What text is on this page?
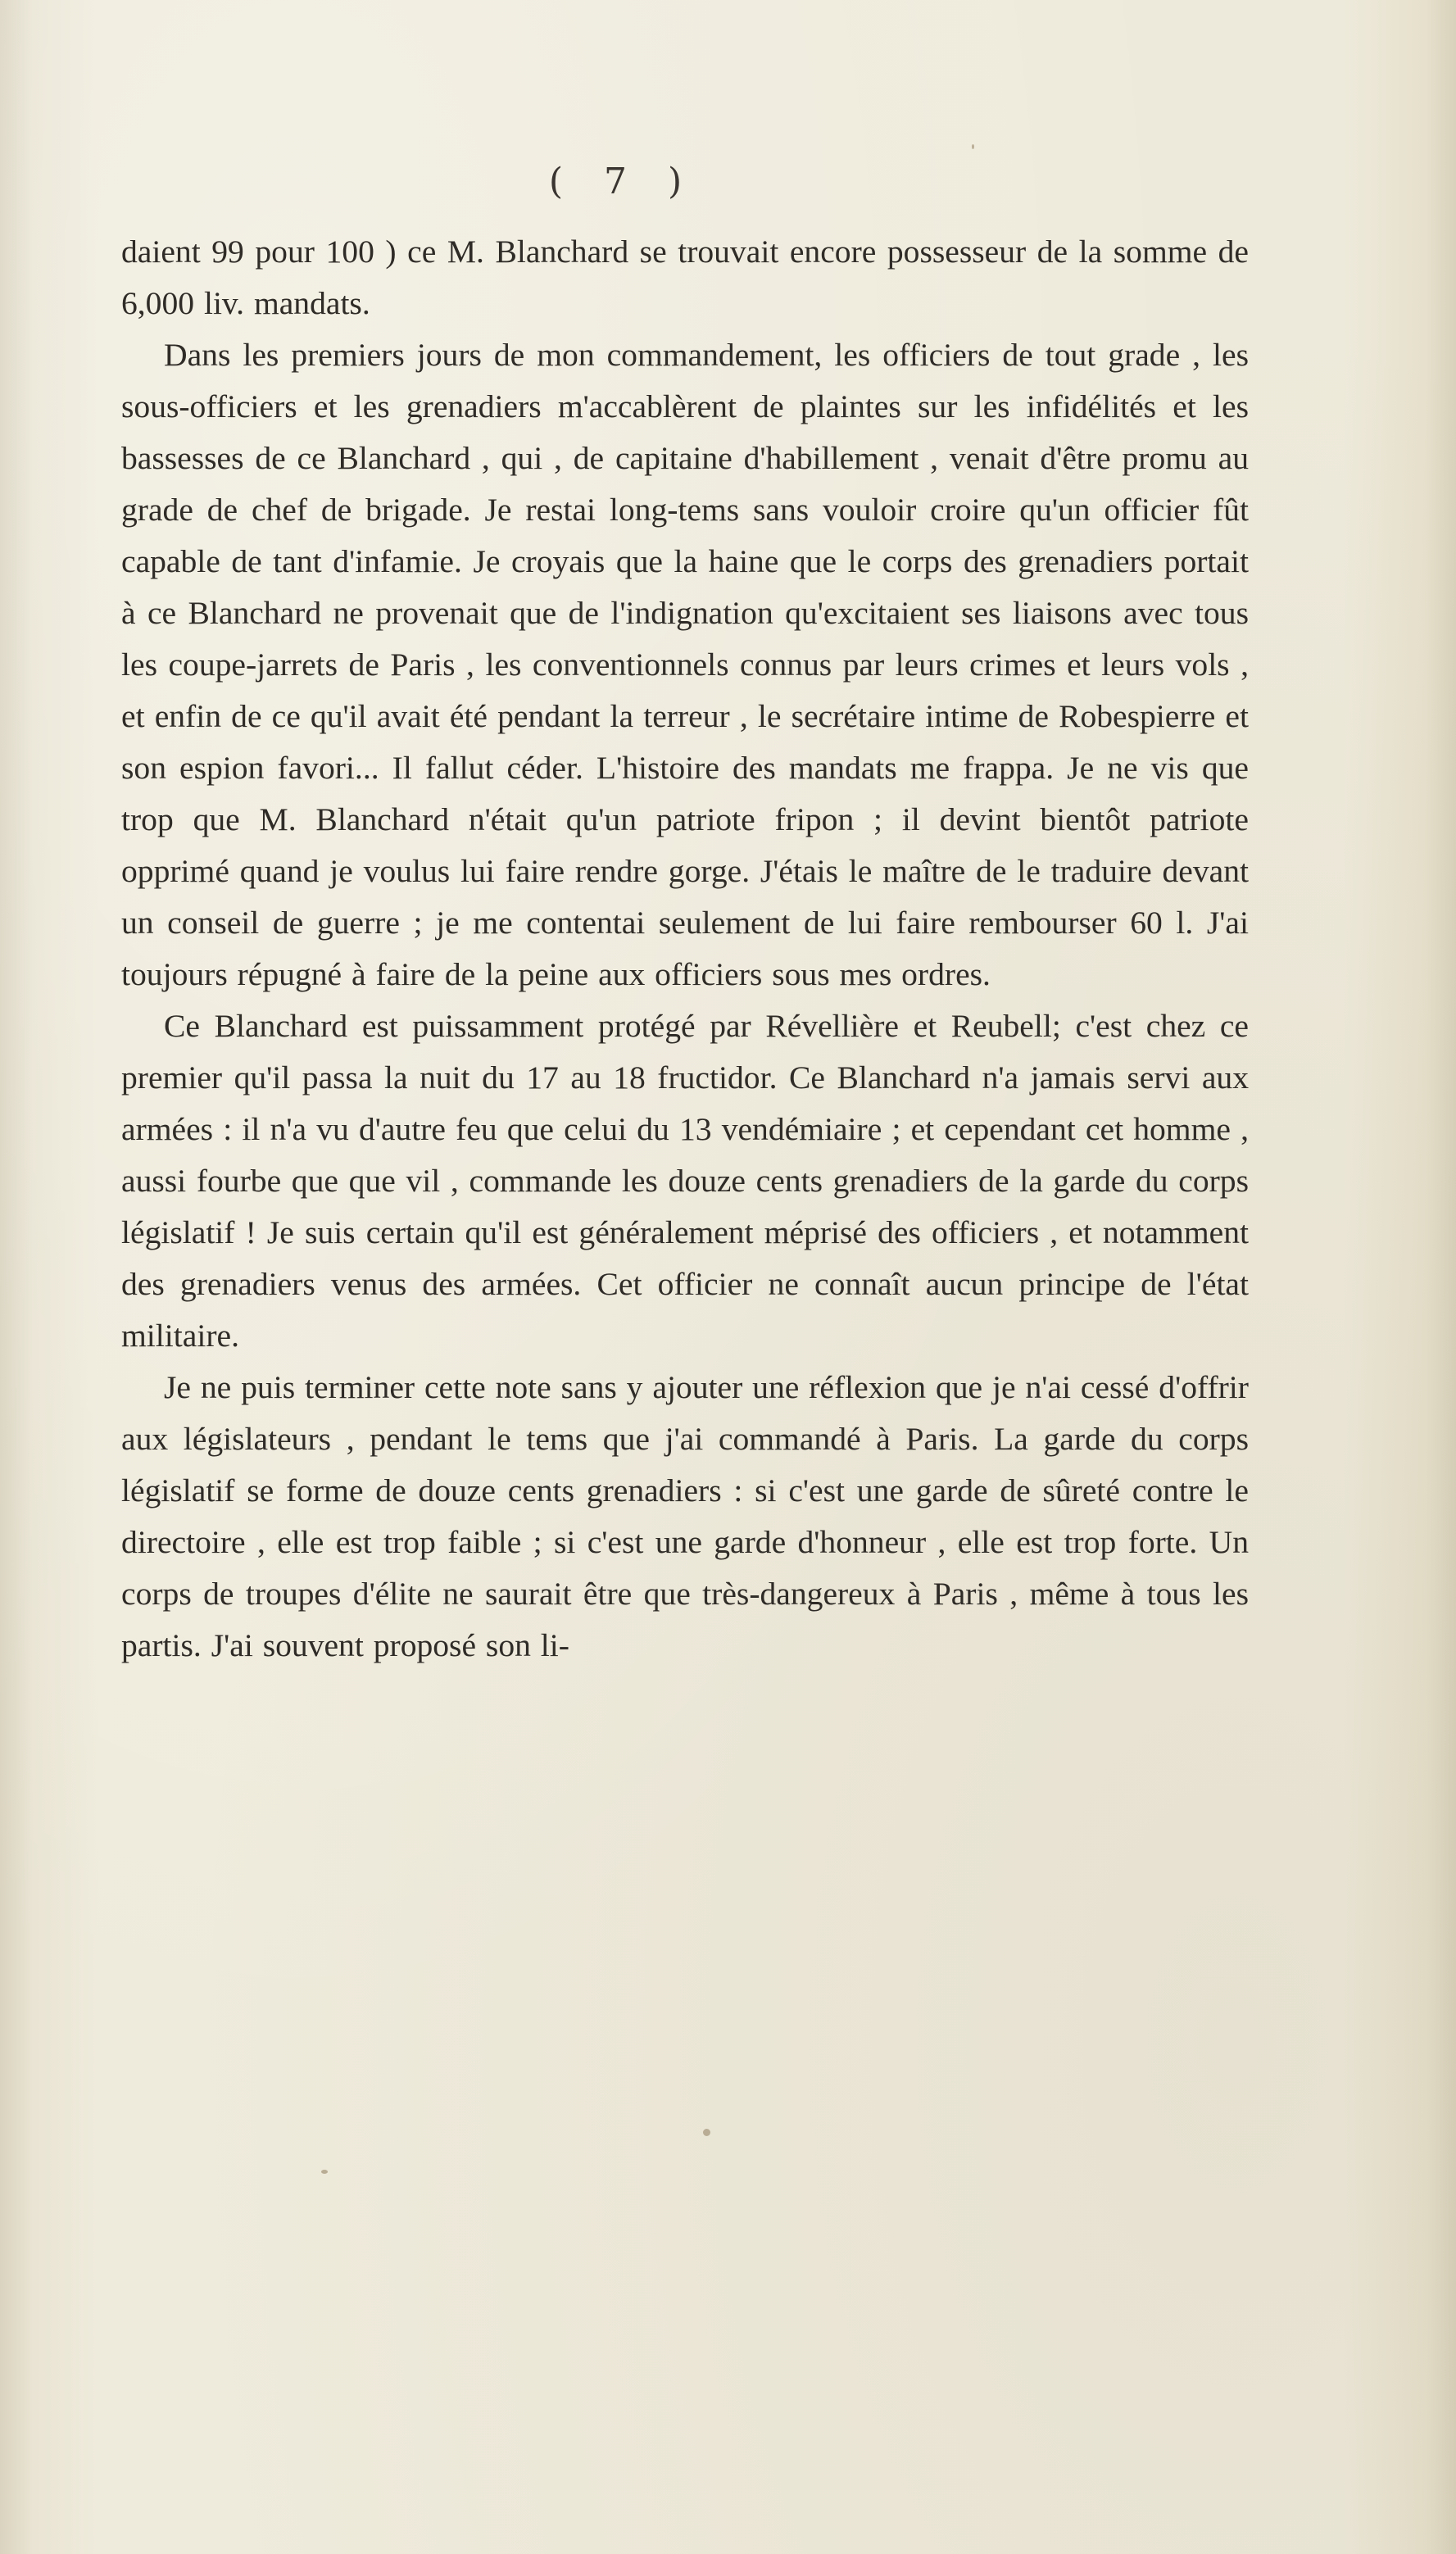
( 7 )

daient 99 pour 100 ) ce M. Blanchard se trouvait encore possesseur de la somme de 6,000 liv. mandats.

Dans les premiers jours de mon commandement, les officiers de tout grade , les sous-officiers et les grenadiers m'accablèrent de plaintes sur les infidélités et les bassesses de ce Blanchard , qui , de capitaine d'habillement , venait d'être promu au grade de chef de brigade. Je restai long-tems sans vouloir croire qu'un officier fût capable de tant d'infamie. Je croyais que la haine que le corps des grenadiers portait à ce Blanchard ne provenait que de l'indignation qu'excitaient ses liaisons avec tous les coupe-jarrets de Paris , les conventionnels connus par leurs crimes et leurs vols , et enfin de ce qu'il avait été pendant la terreur , le secrétaire intime de Robespierre et son espion favori... Il fallut céder. L'histoire des mandats me frappa. Je ne vis que trop que M. Blanchard n'était qu'un patriote fripon ; il devint bientôt patriote opprimé quand je voulus lui faire rendre gorge. J'étais le maître de le traduire devant un conseil de guerre ; je me contentai seulement de lui faire rembourser 60 l. J'ai toujours répugné à faire de la peine aux officiers sous mes ordres.

Ce Blanchard est puissamment protégé par Révellière et Reubell; c'est chez ce premier qu'il passa la nuit du 17 au 18 fructidor. Ce Blanchard n'a jamais servi aux armées : il n'a vu d'autre feu que celui du 13 vendémiaire ; et cependant cet homme , aussi fourbe que que vil , commande les douze cents grenadiers de la garde du corps législatif ! Je suis certain qu'il est généralement méprisé des officiers , et notamment des grenadiers venus des armées. Cet officier ne connaît aucun principe de l'état militaire.

Je ne puis terminer cette note sans y ajouter une réflexion que je n'ai cessé d'offrir aux législateurs , pendant le tems que j'ai commandé à Paris. La garde du corps législatif se forme de douze cents grenadiers : si c'est une garde de sûreté contre le directoire , elle est trop faible ; si c'est une garde d'honneur , elle est trop forte. Un corps de troupes d'élite ne saurait être que très-dangereux à Paris , même à tous les partis. J'ai souvent proposé son li-
